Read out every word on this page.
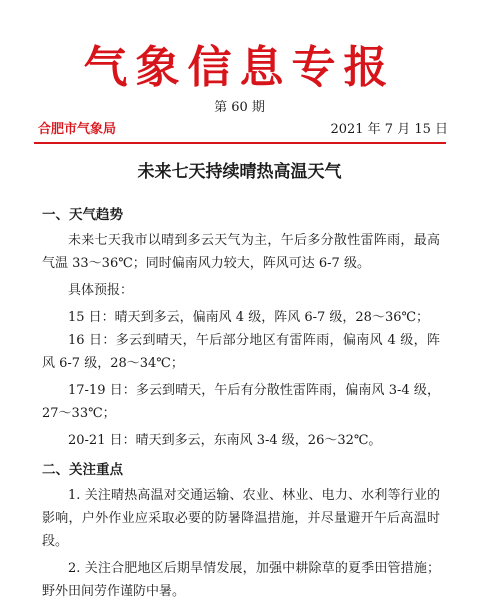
气象信息专报
第 60 期
合肥市气象局	2021 年 7 月 15 日
未来七天持续晴热高温天气
一、天气趋势

未来七天我市以晴到多云天气为主，午后多分散性雷阵雨，最高气温 33～36℃；同时偏南风力较大，阵风可达 6-7 级。

具体预报：

15 日：晴天到多云，偏南风 4 级，阵风 6-7 级，28～36℃；

16 日：多云到晴天，午后部分地区有雷阵雨，偏南风 4 级，阵风 6-7 级，28～34℃；

17-19 日：多云到晴天，午后有分散性雷阵雨，偏南风 3-4 级，27～33℃；

20-21 日：晴天到多云，东南风 3-4 级，26～32℃。

二、关注重点

1. 关注晴热高温对交通运输、农业、林业、电力、水利等行业的影响，户外作业应采取必要的防暑降温措施，并尽量避开午后高温时段。

2. 关注合肥地区后期旱情发展，加强中耕除草的夏季田管措施；野外田间劳作谨防中暑。
